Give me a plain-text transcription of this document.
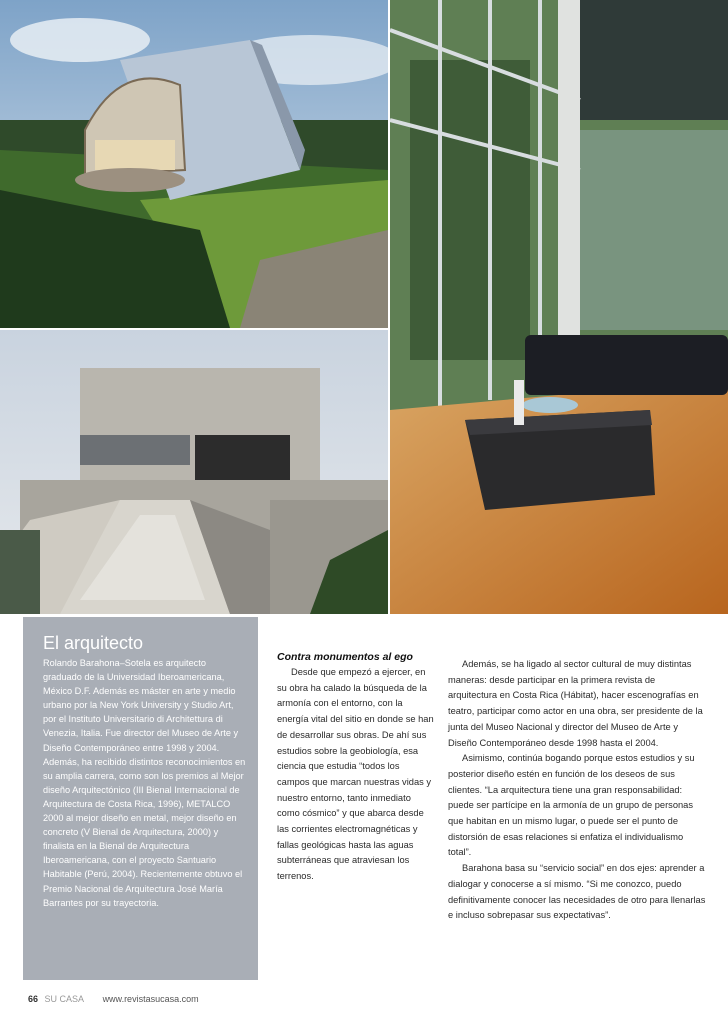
El arquitecto

Rolando Barahona–Sotela es arquitecto graduado de la Universidad Iberoamericana, México D.F. Además es máster en arte y medio urbano por la New York University y Studio Art, por el Instituto Universitario di Architettura di Venezia, Italia. Fue director del Museo de Arte y Diseño Contemporáneo entre 1998 y 2004. Además, ha recibido distintos reconocimientos en su amplia carrera, como son los premios al Mejor diseño Arquitectónico (III Bienal Internacional de Arquitectura de Costa Rica, 1996), METALCO 2000 al mejor diseño en metal, mejor diseño en concreto (V Bienal de Arquitectura, 2000) y finalista en la Bienal de Arquitectura Iberoamericana, con el proyecto Santuario Habitable (Perú, 2004). Recientemente obtuvo el Premio Nacional de Arquitectura José María Barrantes por su trayectoria.

Contra monumentos al ego

Desde que empezó a ejercer, en su obra ha calado la búsqueda de la armonía con el entorno, con la energía vital del sitio en donde se han de desarrollar sus obras. De ahí sus estudios sobre la geobiología, esa ciencia que estudia “todos los campos que marcan nuestras vidas y nuestro entorno, tanto inmediato como cósmico” y que abarca desde las corrientes electromagnéticas y fallas geológicas hasta las aguas subterráneas que atraviesan los terrenos.

Además, se ha ligado al sector cultural de muy distintas maneras: desde participar en la primera revista de arquitectura en Costa Rica (Hábitat), hacer escenografías en teatro, participar como actor en una obra, ser presidente de la junta del Museo Nacional y director del Museo de Arte y Diseño Contemporáneo desde 1998 hasta el 2004.

Asimismo, continúa bogando porque estos estudios y su posterior diseño estén en función de los deseos de sus clientes. “La arquitectura tiene una gran responsabilidad: puede ser partícipe en la armonía de un grupo de personas que habitan en un mismo lugar, o puede ser el punto de distorsión de esas relaciones si enfatiza el individualismo total”.

Barahona basa su “servicio social” en dos ejes: aprender a dialogar y conocerse a sí mismo. “Si me conozco, puedo definitivamente conocer las necesidades de otro para llenarlas e incluso sobrepasar sus expectativas”.

66 SU CASA www.revistasucasa.com
